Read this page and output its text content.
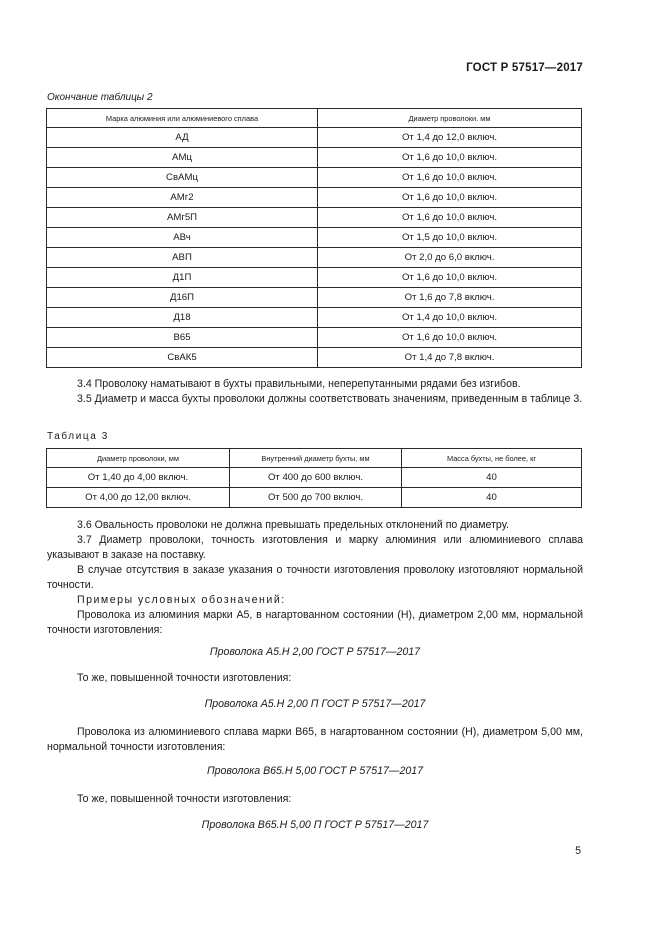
ГОСТ Р 57517—2017
Окончание таблицы 2
Марка алюминия или алюминиевого сплава	Диаметр проволоки. мм
АД	От 1,4 до 12,0 включ.
АМц	От 1,6 до 10,0 включ.
СвАМц	От 1,6 до 10,0 включ.
АМг2	От 1,6 до 10,0 включ.
АМг5П	От 1,6 до 10,0 включ.
АВч	От 1,5 до 10,0 включ.
АВП	От 2,0 до 6,0 включ.
Д1П	От 1,6 до 10,0 включ.
Д16П	От 1,6 до 7,8 включ.
Д18	От 1,4 до 10,0 включ.
В65	От 1,6 до 10,0 включ.
СвАК5	От 1,4 до 7,8 включ.
3.4 Проволоку наматывают в бухты правильными, неперепутанными рядами без изгибов.
3.5 Диаметр и масса бухты проволоки должны соответствовать значениям, приведенным в таблице 3.
Таблица 3
Диаметр проволоки, мм	Внутренний диаметр бухты, мм	Масса бухты, не более, кг
От 1,40 до 4,00 включ.	От 400 до 600 включ.	40
От 4,00 до 12,00 включ.	От 500 до 700 включ.	40
3.6 Овальность проволоки не должна превышать предельных отклонений по диаметру.
3.7 Диаметр проволоки, точность изготовления и марку алюминия или алюминиевого сплава указывают в заказе на поставку.
В случае отсутствия в заказе указания о точности изготовления проволоку изготовляют нормальной точности.
Примеры условных обозначений:
Проволока из алюминия марки А5, в нагартованном состоянии (Н), диаметром 2,00 мм, нормальной точности изготовления:
Проволока А5.Н 2,00 ГОСТ Р 57517—2017
То же, повышенной точности изготовления:
Проволока А5.Н 2,00 П ГОСТ Р 57517—2017
Проволока из алюминиевого сплава марки В65, в нагартованном состоянии (Н), диаметром 5,00 мм, нормальной точности изготовления:
Проволока В65.Н 5,00 ГОСТ Р 57517—2017
То же, повышенной точности изготовления:
Проволока В65.Н 5,00 П ГОСТ Р 57517—2017
5
